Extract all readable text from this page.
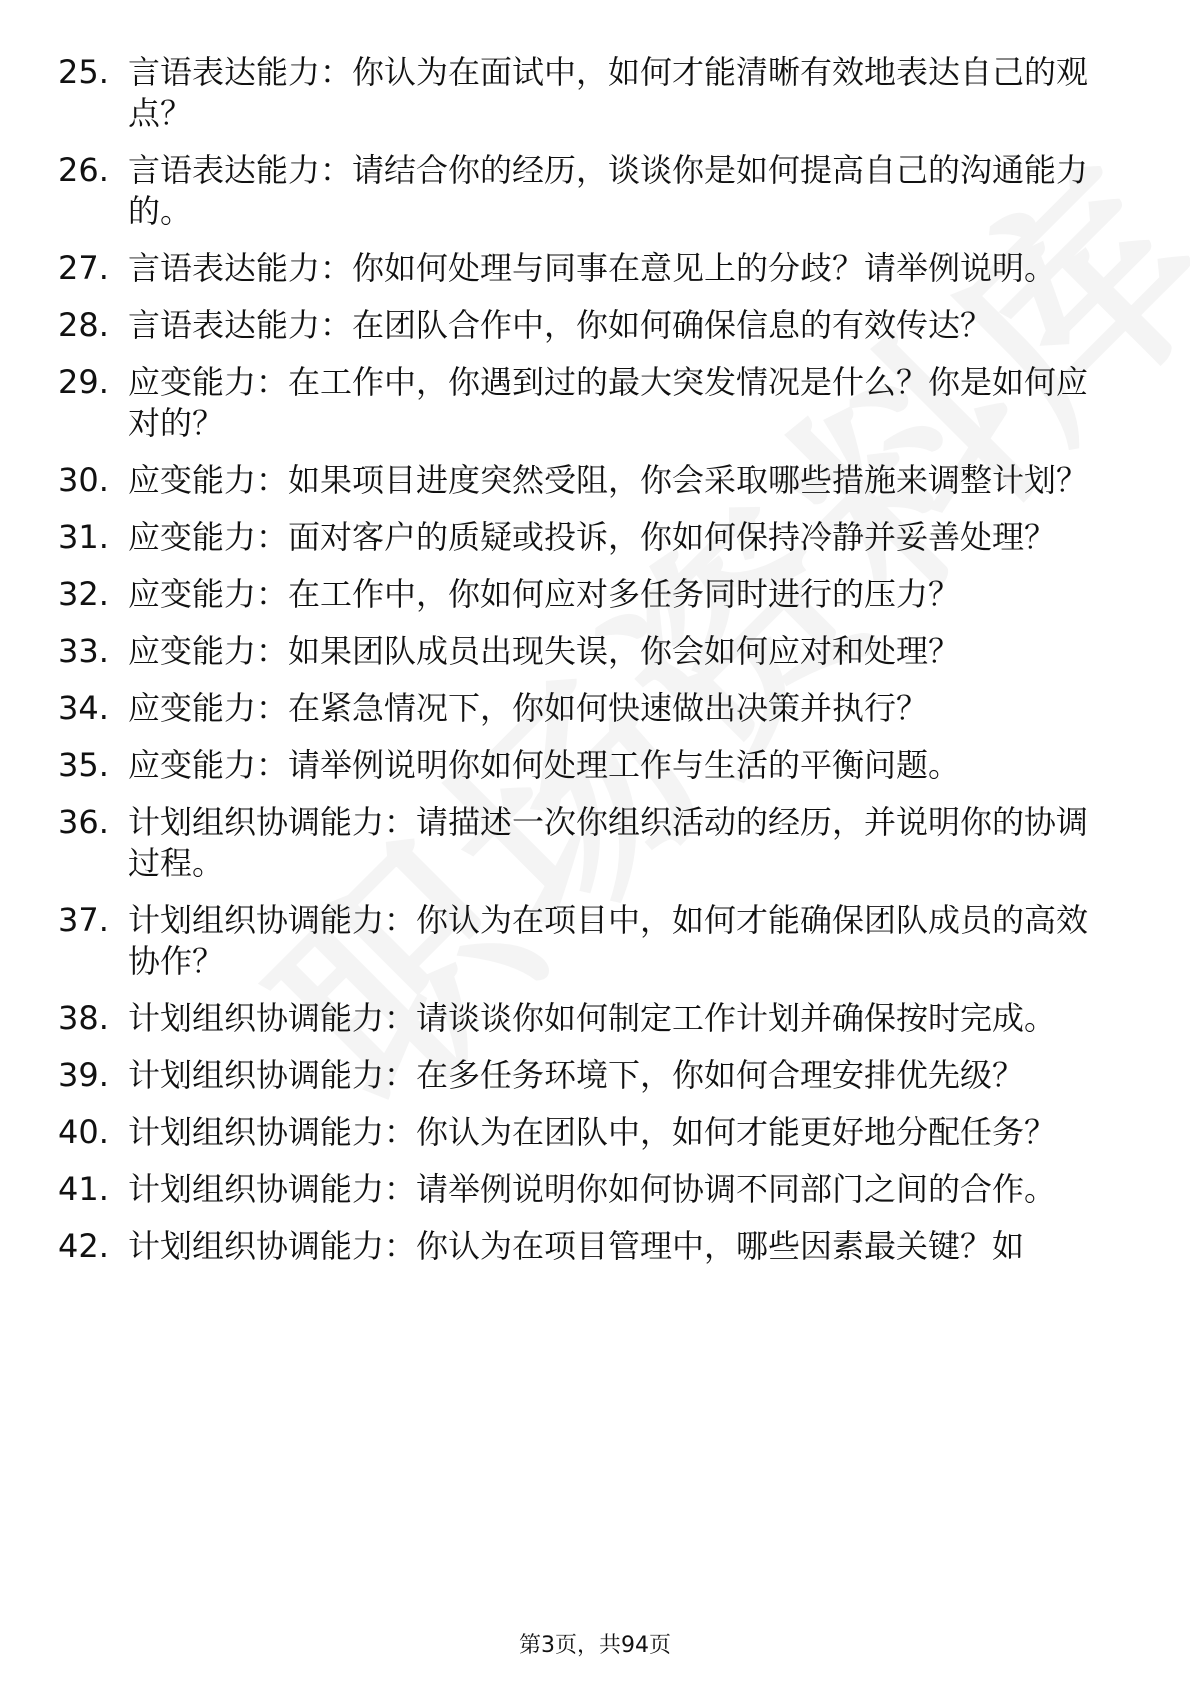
25. 言语表达能力：你认为在面试中，如何才能清晰有效地表达自己的观点？
26. 言语表达能力：请结合你的经历，谈谈你是如何提高自己的沟通能力的。
27. 言语表达能力：你如何处理与同事在意见上的分歧？请举例说明。
28. 言语表达能力：在团队合作中，你如何确保信息的有效传达？
29. 应变能力：在工作中，你遇到过的最大突发情况是什么？你是如何应对的？
30. 应变能力：如果项目进度突然受阻，你会采取哪些措施来调整计划？
31. 应变能力：面对客户的质疑或投诉，你如何保持冷静并妥善处理？
32. 应变能力：在工作中，你如何应对多任务同时进行的压力？
33. 应变能力：如果团队成员出现失误，你会如何应对和处理？
34. 应变能力：在紧急情况下，你如何快速做出决策并执行？
35. 应变能力：请举例说明你如何处理工作与生活的平衡问题。
36. 计划组织协调能力：请描述一次你组织活动的经历，并说明你的协调过程。
37. 计划组织协调能力：你认为在项目中，如何才能确保团队成员的高效协作？
38. 计划组织协调能力：请谈谈你如何制定工作计划并确保按时完成。
39. 计划组织协调能力：在多任务环境下，你如何合理安排优先级？
40. 计划组织协调能力：你认为在团队中，如何才能更好地分配任务？
41. 计划组织协调能力：请举例说明你如何协调不同部门之间的合作。
42. 计划组织协调能力：你认为在项目管理中，哪些因素最关键？如
第3页，共94页
